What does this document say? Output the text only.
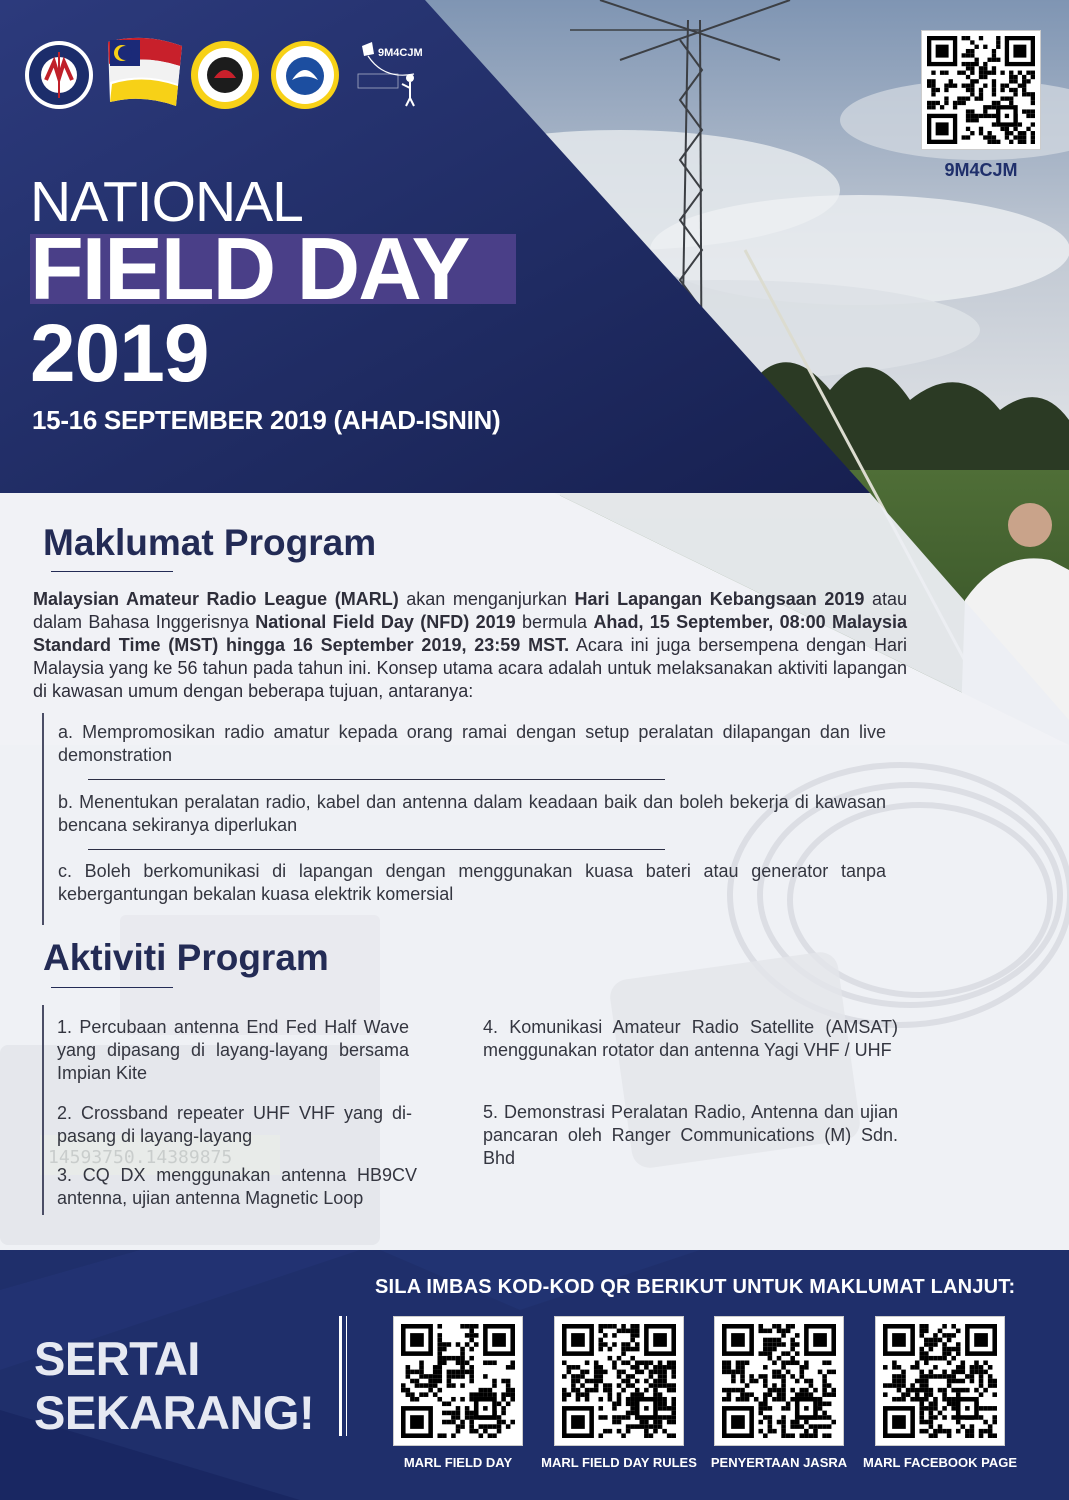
9M4CJM
9M4CJM
NATIONAL
FIELD DAY
2019
15-16 SEPTEMBER 2019 (AHAD-ISNIN)
Maklumat Program
Malaysian Amateur Radio League (MARL) akan menganjurkan Hari Lapangan Kebangsaan 2019 atau dalam Bahasa Inggerisnya National Field Day (NFD) 2019 bermula Ahad, 15 September, 08:00 Malaysia Standard Time (MST) hingga 16 September 2019, 23:59 MST. Acara ini juga bersempena dengan Hari Malaysia yang ke 56 tahun pada tahun ini. Konsep utama acara adalah untuk melaksanakan aktiviti lapangan di kawasan umum dengan beberapa tujuan, antaranya:
a. Mempromosikan radio amatur kepada orang ramai dengan setup peralatan dilapangan dan live demonstration
b. Menentukan peralatan radio, kabel dan antenna dalam keadaan baik dan boleh bekerja di kawasan bencana sekiranya diperlukan
c. Boleh berkomunikasi di lapangan dengan menggunakan kuasa bateri atau generator tanpa kebergantungan bekalan kuasa elektrik komersial
Aktiviti Program
1. Percubaan antenna End Fed Half Wave yang dipasang di layang-layang bersama Impian Kite
2. Crossband repeater UHF VHF yang di- pasang di layang-layang
3. CQ DX menggunakan antenna HB9CV antenna, ujian antenna Magnetic Loop
4. Komunikasi Amateur Radio Satellite (AMSAT) menggunakan rotator dan antenna Yagi VHF / UHF
5. Demonstrasi Peralatan Radio, Antenna dan ujian pancaran oleh Ranger Communications (M) Sdn. Bhd
SERTAI
SEKARANG!
SILA IMBAS KOD-KOD QR BERIKUT UNTUK MAKLUMAT LANJUT:
MARL FIELD DAY	MARL FIELD DAY RULES	PENYERTAAN JASRA	MARL FACEBOOK PAGE
